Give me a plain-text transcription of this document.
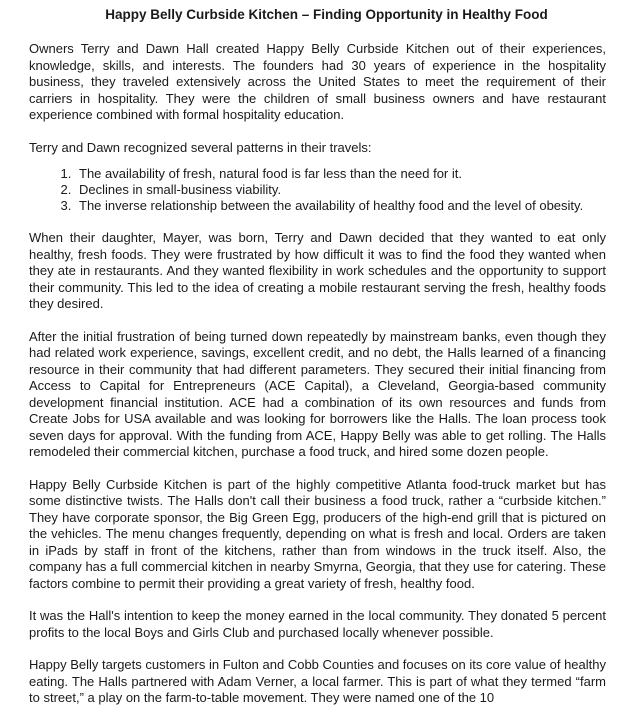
Happy Belly Curbside Kitchen – Finding Opportunity in Healthy Food

Owners Terry and Dawn Hall created Happy Belly Curbside Kitchen out of their experiences, knowledge, skills, and interests. The founders had 30 years of experience in the hospitality business, they traveled extensively across the United States to meet the requirement of their carriers in hospitality. They were the children of small business owners and have restaurant experience combined with formal hospitality education.

Terry and Dawn recognized several patterns in their travels:

1. The availability of fresh, natural food is far less than the need for it.
2. Declines in small-business viability.
3. The inverse relationship between the availability of healthy food and the level of obesity.

When their daughter, Mayer, was born, Terry and Dawn decided that they wanted to eat only healthy, fresh foods. They were frustrated by how difficult it was to find the food they wanted when they ate in restaurants. And they wanted flexibility in work schedules and the opportunity to support their community. This led to the idea of creating a mobile restaurant serving the fresh, healthy foods they desired.

After the initial frustration of being turned down repeatedly by mainstream banks, even though they had related work experience, savings, excellent credit, and no debt, the Halls learned of a financing resource in their community that had different parameters. They secured their initial financing from Access to Capital for Entrepreneurs (ACE Capital), a Cleveland, Georgia-based community development financial institution. ACE had a combination of its own resources and funds from Create Jobs for USA available and was looking for borrowers like the Halls. The loan process took seven days for approval. With the funding from ACE, Happy Belly was able to get rolling. The Halls remodeled their commercial kitchen, purchase a food truck, and hired some dozen people.

Happy Belly Curbside Kitchen is part of the highly competitive Atlanta food-truck market but has some distinctive twists. The Halls don't call their business a food truck, rather a “curbside kitchen.” They have corporate sponsor, the Big Green Egg, producers of the high-end grill that is pictured on the vehicles. The menu changes frequently, depending on what is fresh and local. Orders are taken in iPads by staff in front of the kitchens, rather than from windows in the truck itself. Also, the company has a full commercial kitchen in nearby Smyrna, Georgia, that they use for catering. These factors combine to permit their providing a great variety of fresh, healthy food.

It was the Hall's intention to keep the money earned in the local community. They donated 5 percent profits to the local Boys and Girls Club and purchased locally whenever possible.

Happy Belly targets customers in Fulton and Cobb Counties and focuses on its core value of healthy eating. The Halls partnered with Adam Verner, a local farmer. This is part of what they termed “farm to street,” a play on the farm-to-table movement. They were named one of the 10
